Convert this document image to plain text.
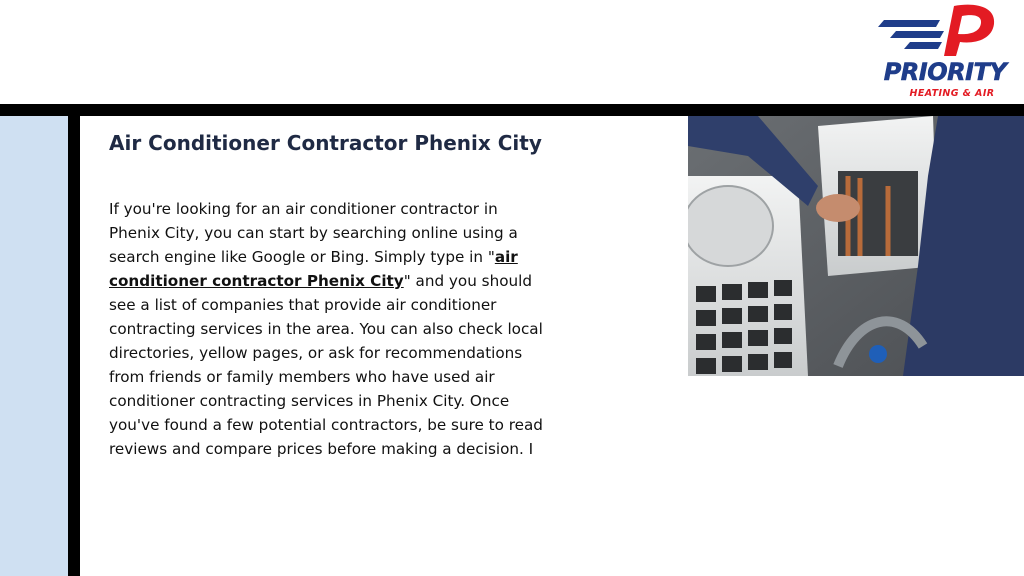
PRIORITY
HEATING & AIR
Air Conditioner Contractor Phenix City

If you're looking for an air conditioner contractor in Phenix City, you can start by searching online using a search engine like Google or Bing. Simply type in "air conditioner contractor Phenix City" and you should see a list of companies that provide air conditioner contracting services in the area. You can also check local directories, yellow pages, or ask for recommendations from friends or family members who have used air conditioner contracting services in Phenix City. Once you've found a few potential contractors, be sure to read reviews and compare prices before making a decision. I
